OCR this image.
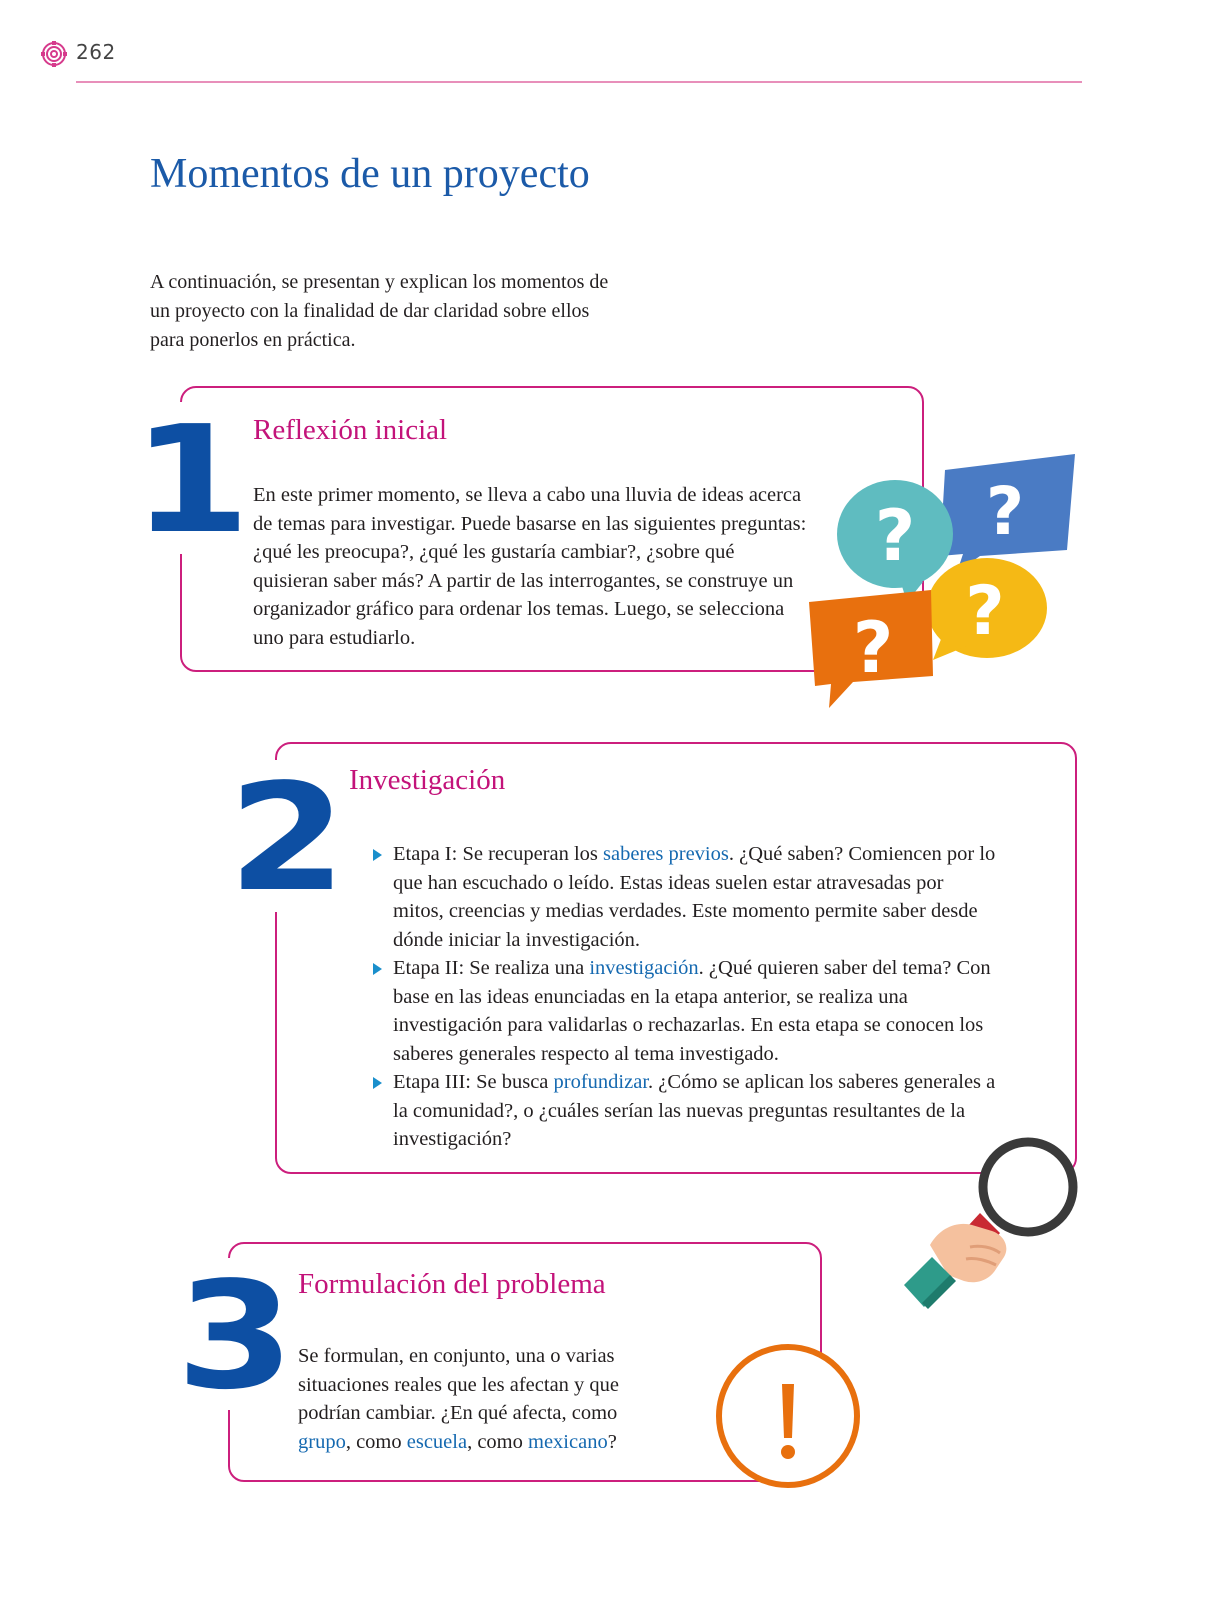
262
Momentos de un proyecto
A continuación, se presentan y explican los momentos de un proyecto con la finalidad de dar claridad sobre ellos para ponerlos en práctica.
1 Reflexión inicial
En este primer momento, se lleva a cabo una lluvia de ideas acerca de temas para investigar. Puede basarse en las siguientes preguntas: ¿qué les preocupa?, ¿qué les gustaría cambiar?, ¿sobre qué quisieran saber más? A partir de las interrogantes, se construye un organizador gráfico para ordenar los temas. Luego, se selecciona uno para estudiarlo.
?
?
?
?
2 Investigación
Etapa I: Se recuperan los saberes previos. ¿Qué saben? Comiencen por lo que han escuchado o leído. Estas ideas suelen estar atravesadas por mitos, creencias y medias verdades. Este momento permite saber desde dónde iniciar la investigación.
Etapa II: Se realiza una investigación. ¿Qué quieren saber del tema? Con base en las ideas enunciadas en la etapa anterior, se realiza una investigación para validarlas o rechazarlas. En esta etapa se conocen los saberes generales respecto al tema investigado.
Etapa III: Se busca profundizar. ¿Cómo se aplican los saberes generales a la comunidad?, o ¿cuáles serían las nuevas preguntas resultantes de la investigación?
3 Formulación del problema
Se formulan, en conjunto, una o varias situaciones reales que les afectan y que podrían cambiar. ¿En qué afecta, como grupo, como escuela, como mexicano?
